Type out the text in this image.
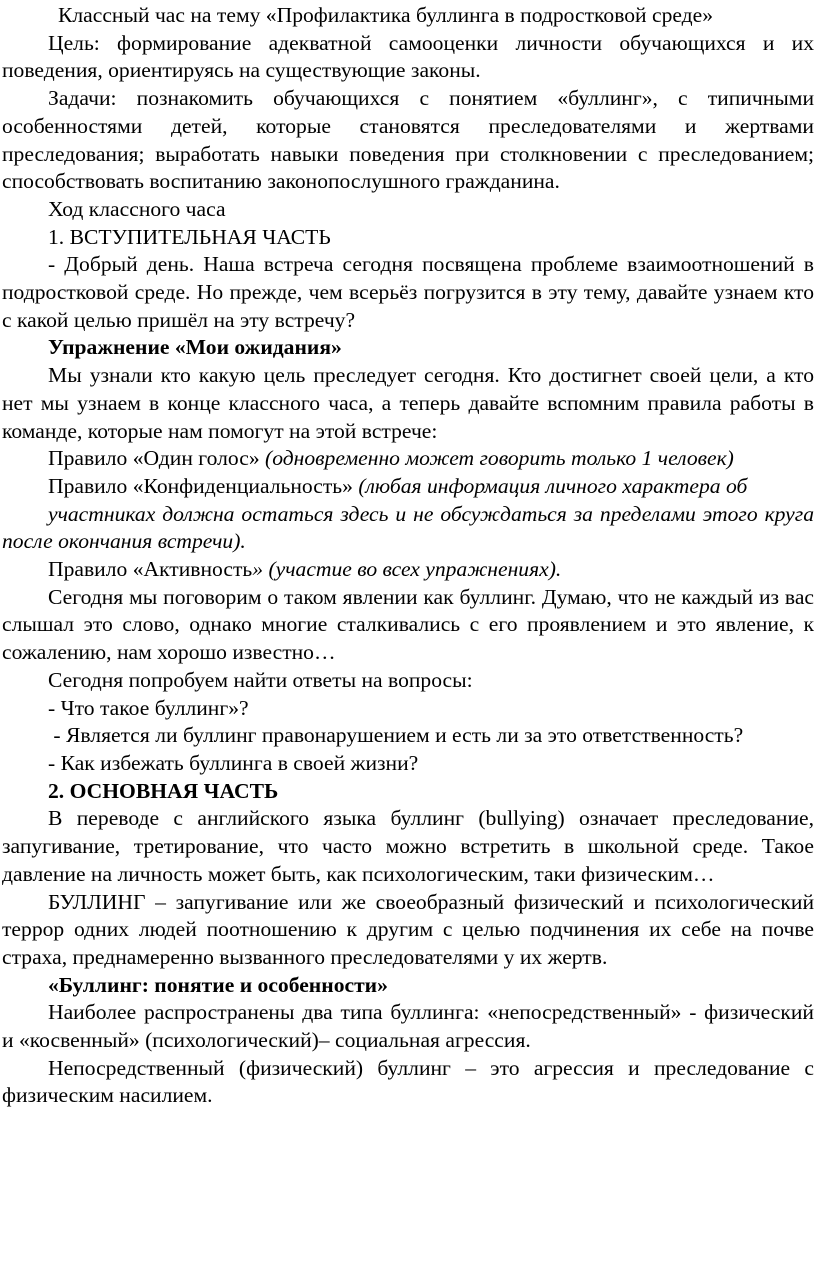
Классный час на тему «Профилактика буллинга в подростковой среде»

Цель: формирование адекватной самооценки личности обучающихся и их поведения, ориентируясь на существующие законы.

Задачи: познакомить обучающихся с понятием «буллинг», с типичными особенностями детей, которые становятся преследователями и жертвами преследования; выработать навыки поведения при столкновении с преследованием; способствовать воспитанию законопослушного гражданина.

Ход классного часа

1. ВСТУПИТЕЛЬНАЯ ЧАСТЬ

- Добрый день. Наша встреча сегодня посвящена проблеме взаимоотношений в подростковой среде. Но прежде, чем всерьёз погрузится в эту тему, давайте узнаем кто с какой целью пришёл на эту встречу?

Упражнение «Мои ожидания»

Мы узнали кто какую цель преследует сегодня. Кто достигнет своей цели, а кто нет мы узнаем в конце классного часа, а теперь давайте вспомним правила работы в команде, которые нам помогут на этой встрече:

Правило «Один голос» (одновременно может говорить только 1 человек)

Правило «Конфиденциальность» (любая информация личного характера об

участниках должна остаться здесь и не обсуждаться за пределами этого круга после окончания встречи).

Правило «Активность» (участие во всех упражнениях).

Сегодня мы поговорим о таком явлении как буллинг. Думаю, что не каждый из вас слышал это слово, однако многие сталкивались с его проявлением и это явление, к сожалению, нам хорошо известно…

Сегодня попробуем найти ответы на вопросы:

- Что такое буллинг»?

- Является ли буллинг правонарушением и есть ли за это ответственность?

- Как избежать буллинга в своей жизни?

2. ОСНОВНАЯ ЧАСТЬ

В переводе с английского языка буллинг (bullying) означает преследование, запугивание, третирование, что часто можно встретить в школьной среде. Такое давление на личность может быть, как психологическим, таки физическим…

БУЛЛИНГ – запугивание или же своеобразный физический и психологический террор одних людей поотношению к другим с целью подчинения их себе на почве страха, преднамеренно вызванного преследователями у их жертв.

«Буллинг: понятие и особенности»

Наиболее распространены два типа буллинга: «непосредственный» - физический и «косвенный» (психологический)– социальная агрессия.

Непосредственный (физический) буллинг – это агрессия и преследование с физическим насилием.
